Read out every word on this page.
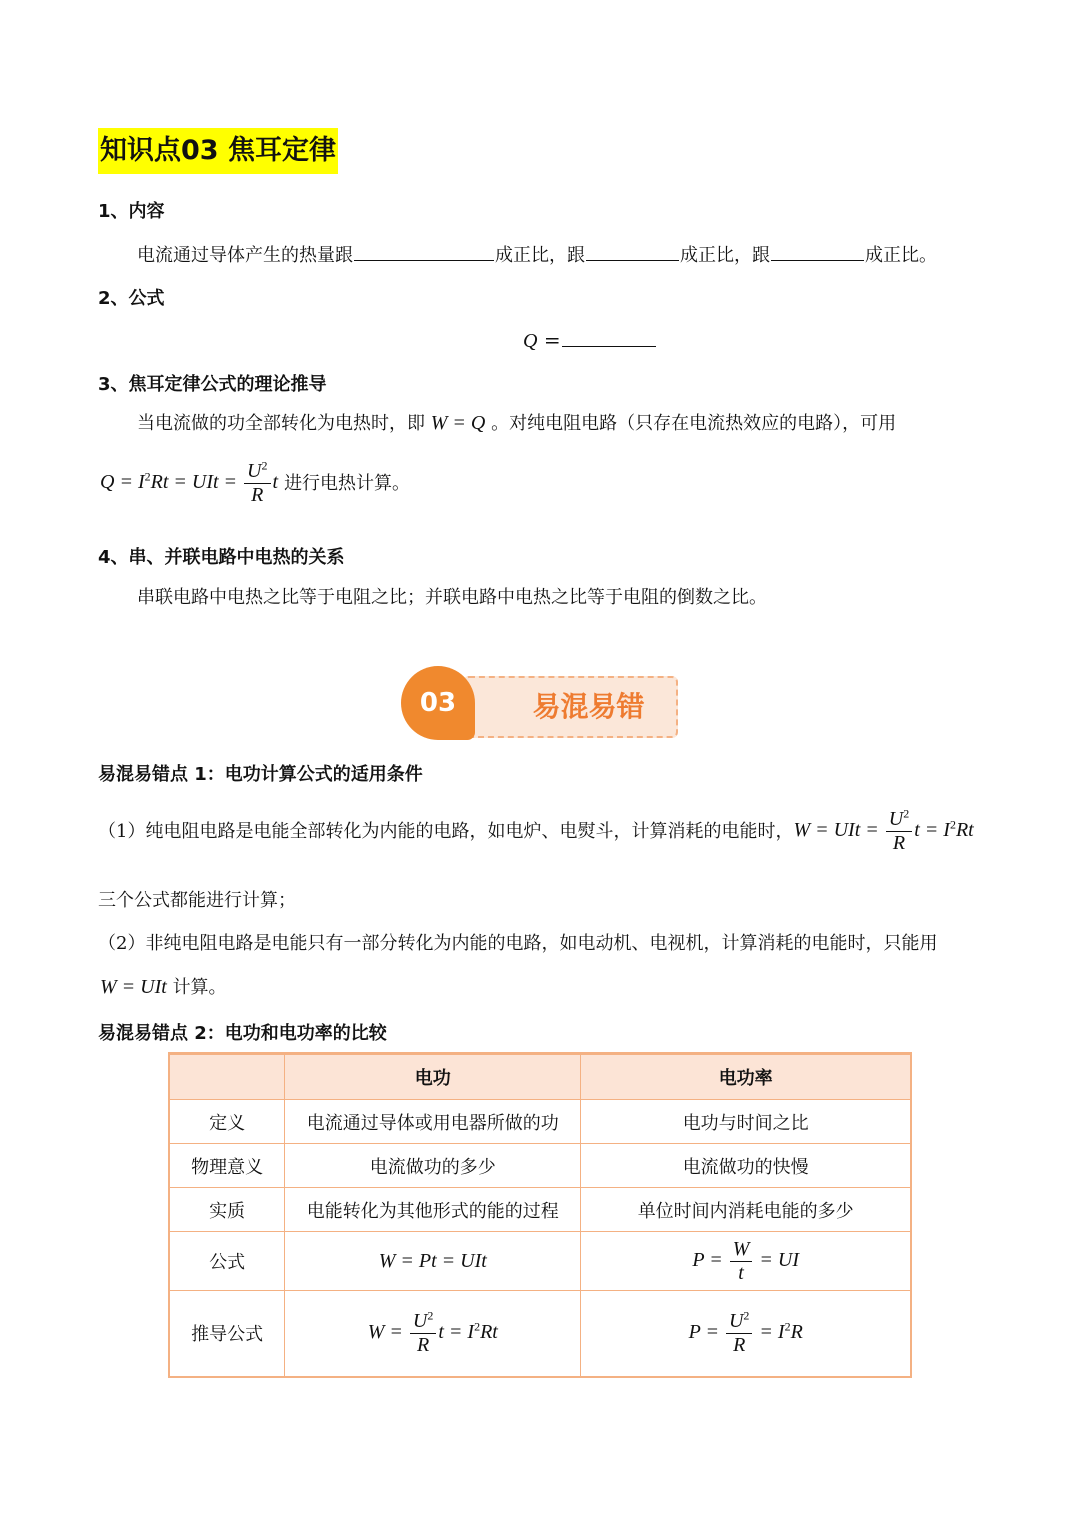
知识点03 焦耳定律
1、内容
电流通过导体产生的热量跟	成正比，跟	成正比，跟	成正比。
2、公式
Q =
3、焦耳定律公式的理论推导
当电流做的功全部转化为电热时，即 W = Q 。对纯电阻电路（只存在电流热效应的电路），可用
$Q = I^2Rt$ = UIt = $\frac{U^2}{R}$ t 进行电热计算。
4、串、并联电路中电热的关系
串联电路中电热之比等于电阻之比；并联电路中电热之比等于电阻的倒数之比。
易混易错
03
易混易错点 1：电功计算公式的适用条件
（1）纯电阻电路是电能全部转化为内能的电路，如电炉、电熨斗，计算消耗的电能时， W = UIt = $\frac{U^2}{R}$ $t = I^2Rt$
三个公式都能进行计算；
（2）非纯电阻电路是电能只有一部分转化为内能的电路，如电动机、电视机，计算消耗的电能时，只能用
W = UIt 计算。
易混易错点 2：电功和电功率的比较
	电功	电功率
定义	电流通过导体或用电器所做的功	电功与时间之比
物理意义	电流做功的多少	电流做功的快慢
实质	电能转化为其他形式的能的过程	单位时间内消耗电能的多少
公式	W = Pt = UIt	$P = \frac{W}{t}$ = UI
推导公式	$W = \frac{U^2}{R}$ $t = I^2Rt$	$P = \frac{U^2}{R} = I^2R$
